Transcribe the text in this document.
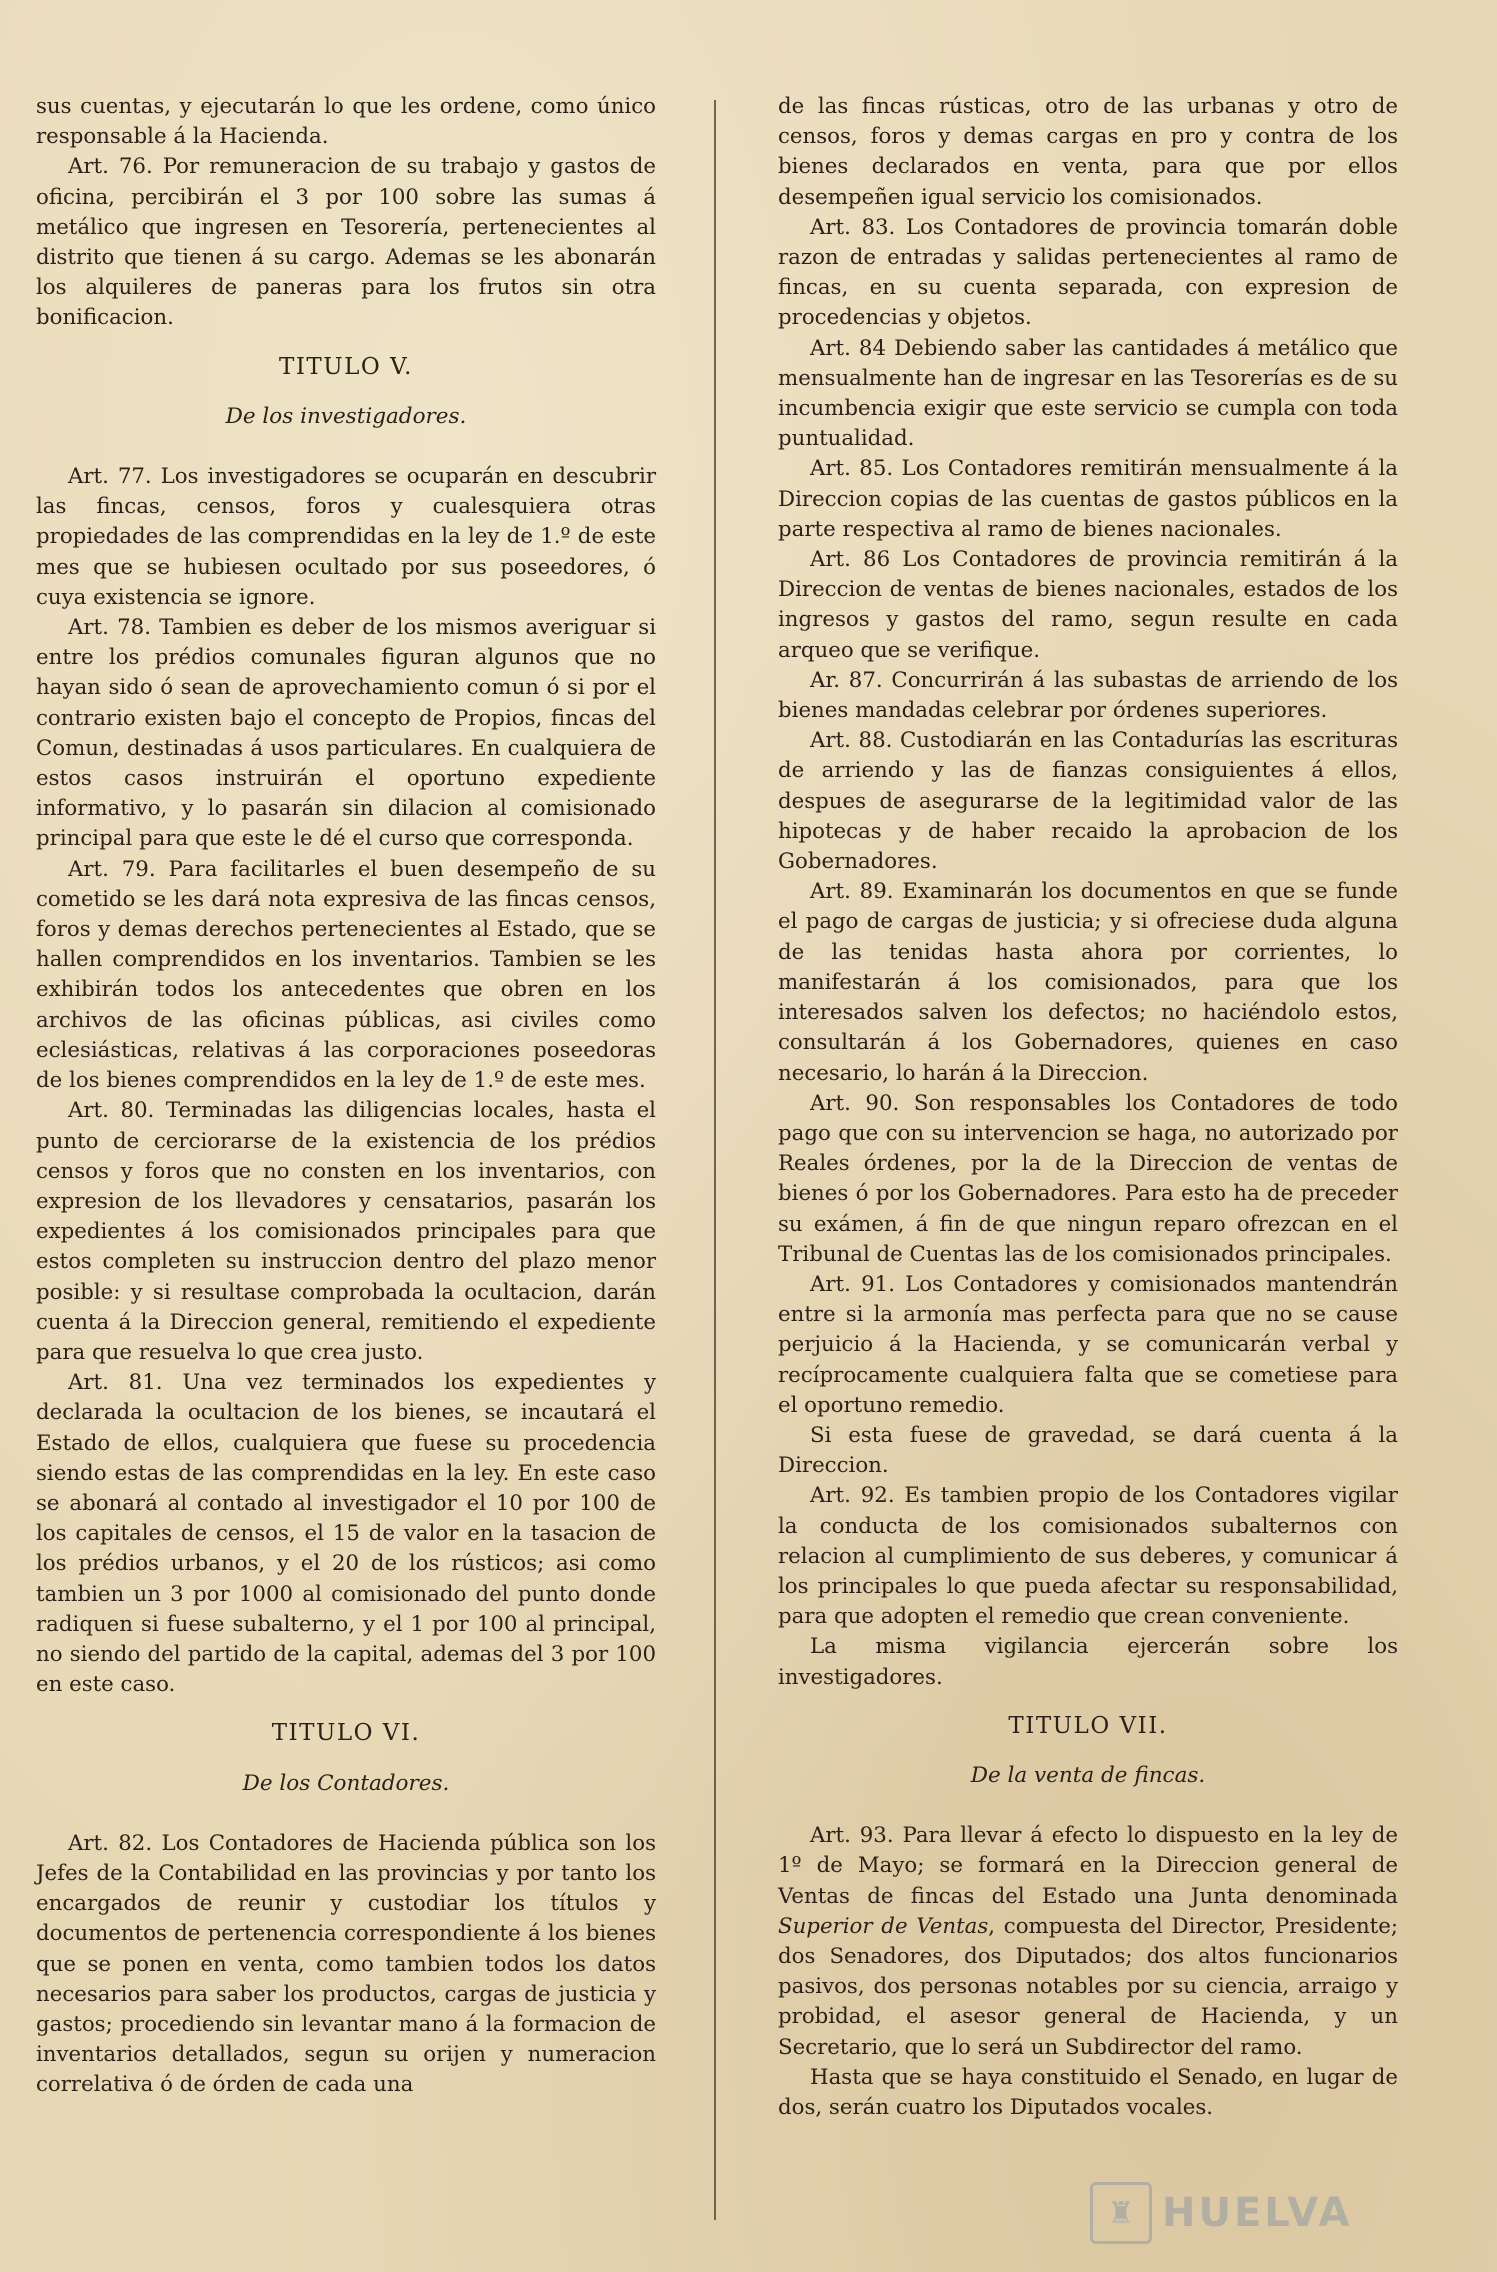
sus cuentas, y ejecutarán lo que les ordene, como único responsable á la Hacienda.

Art. 76. Por remuneracion de su trabajo y gastos de oficina, percibirán el 3 por 100 sobre las sumas á metálico que ingresen en Tesorería, pertenecientes al distrito que tienen á su cargo. Ademas se les abonarán los alquileres de paneras para los frutos sin otra bonificacion.

TITULO V.
De los investigadores.

Art. 77. Los investigadores se ocuparán en descubrir las fincas, censos, foros y cualesquiera otras propiedades de las comprendidas en la ley de 1.º de este mes que se hubiesen ocultado por sus poseedores, ó cuya existencia se ignore.

Art. 78. Tambien es deber de los mismos averiguar si entre los prédios comunales figuran algunos que no hayan sido ó sean de aprovechamiento comun ó si por el contrario existen bajo el concepto de Propios, fincas del Comun, destinadas á usos particulares. En cualquiera de estos casos instruirán el oportuno expediente informativo, y lo pasarán sin dilacion al comisionado principal para que este le dé el curso que corresponda.

Art. 79. Para facilitarles el buen desempeño de su cometido se les dará nota expresiva de las fincas censos, foros y demas derechos pertenecientes al Estado, que se hallen comprendidos en los inventarios. Tambien se les exhibirán todos los antecedentes que obren en los archivos de las oficinas públicas, asi civiles como eclesiásticas, relativas á las corporaciones poseedoras de los bienes comprendidos en la ley de 1.º de este mes.

Art. 80. Terminadas las diligencias locales, hasta el punto de cerciorarse de la existencia de los prédios censos y foros que no consten en los inventarios, con expresion de los llevadores y censatarios, pasarán los expedientes á los comisionados principales para que estos completen su instruccion dentro del plazo menor posible: y si resultase comprobada la ocultacion, darán cuenta á la Direccion general, remitiendo el expediente para que resuelva lo que crea justo.

Art. 81. Una vez terminados los expedientes y declarada la ocultacion de los bienes, se incautará el Estado de ellos, cualquiera que fuese su procedencia siendo estas de las comprendidas en la ley. En este caso se abonará al contado al investigador el 10 por 100 de los capitales de censos, el 15 de valor en la tasacion de los prédios urbanos, y el 20 de los rústicos; asi como tambien un 3 por 1000 al comisionado del punto donde radiquen si fuese subalterno, y el 1 por 100 al principal, no siendo del partido de la capital, ademas del 3 por 100 en este caso.

TITULO VI.
De los Contadores.

Art. 82. Los Contadores de Hacienda pública son los Jefes de la Contabilidad en las provincias y por tanto los encargados de reunir y custodiar los títulos y documentos de pertenencia correspondiente á los bienes que se ponen en venta, como tambien todos los datos necesarios para saber los productos, cargas de justicia y gastos; procediendo sin levantar mano á la formacion de inventarios detallados, segun su orijen y numeracion correlativa ó de órden de cada una

de las fincas rústicas, otro de las urbanas y otro de censos, foros y demas cargas en pro y contra de los bienes declarados en venta, para que por ellos desempeñen igual servicio los comisionados.

Art. 83. Los Contadores de provincia tomarán doble razon de entradas y salidas pertenecientes al ramo de fincas, en su cuenta separada, con expresion de procedencias y objetos.

Art. 84 Debiendo saber las cantidades á metálico que mensualmente han de ingresar en las Tesorerías es de su incumbencia exigir que este servicio se cumpla con toda puntualidad.

Art. 85. Los Contadores remitirán mensualmente á la Direccion copias de las cuentas de gastos públicos en la parte respectiva al ramo de bienes nacionales.

Art. 86 Los Contadores de provincia remitirán á la Direccion de ventas de bienes nacionales, estados de los ingresos y gastos del ramo, segun resulte en cada arqueo que se verifique.

Ar. 87. Concurrirán á las subastas de arriendo de los bienes mandadas celebrar por órdenes superiores.

Art. 88. Custodiarán en las Contadurías las escrituras de arriendo y las de fianzas consiguientes á ellos, despues de asegurarse de la legitimidad valor de las hipotecas y de haber recaido la aprobacion de los Gobernadores.

Art. 89. Examinarán los documentos en que se funde el pago de cargas de justicia; y si ofreciese duda alguna de las tenidas hasta ahora por corrientes, lo manifestarán á los comisionados, para que los interesados salven los defectos; no haciéndolo estos, consultarán á los Gobernadores, quienes en caso necesario, lo harán á la Direccion.

Art. 90. Son responsables los Contadores de todo pago que con su intervencion se haga, no autorizado por Reales órdenes, por la de la Direccion de ventas de bienes ó por los Gobernadores. Para esto ha de preceder su exámen, á fin de que ningun reparo ofrezcan en el Tribunal de Cuentas las de los comisionados principales.

Art. 91. Los Contadores y comisionados mantendrán entre si la armonía mas perfecta para que no se cause perjuicio á la Hacienda, y se comunicarán verbal y recíprocamente cualquiera falta que se cometiese para el oportuno remedio.

Si esta fuese de gravedad, se dará cuenta á la Direccion.

Art. 92. Es tambien propio de los Contadores vigilar la conducta de los comisionados subalternos con relacion al cumplimiento de sus deberes, y comunicar á los principales lo que pueda afectar su responsabilidad, para que adopten el remedio que crean conveniente.

La misma vigilancia ejercerán sobre los investigadores.

TITULO VII.
De la venta de fincas.

Art. 93. Para llevar á efecto lo dispuesto en la ley de 1º de Mayo; se formará en la Direccion general de Ventas de fincas del Estado una Junta denominada Superior de Ventas, compuesta del Director, Presidente; dos Senadores, dos Diputados; dos altos funcionarios pasivos, dos personas notables por su ciencia, arraigo y probidad, el asesor general de Hacienda, y un Secretario, que lo será un Subdirector del ramo.

Hasta que se haya constituido el Senado, en lugar de dos, serán cuatro los Diputados vocales.

♜ HUELVA
